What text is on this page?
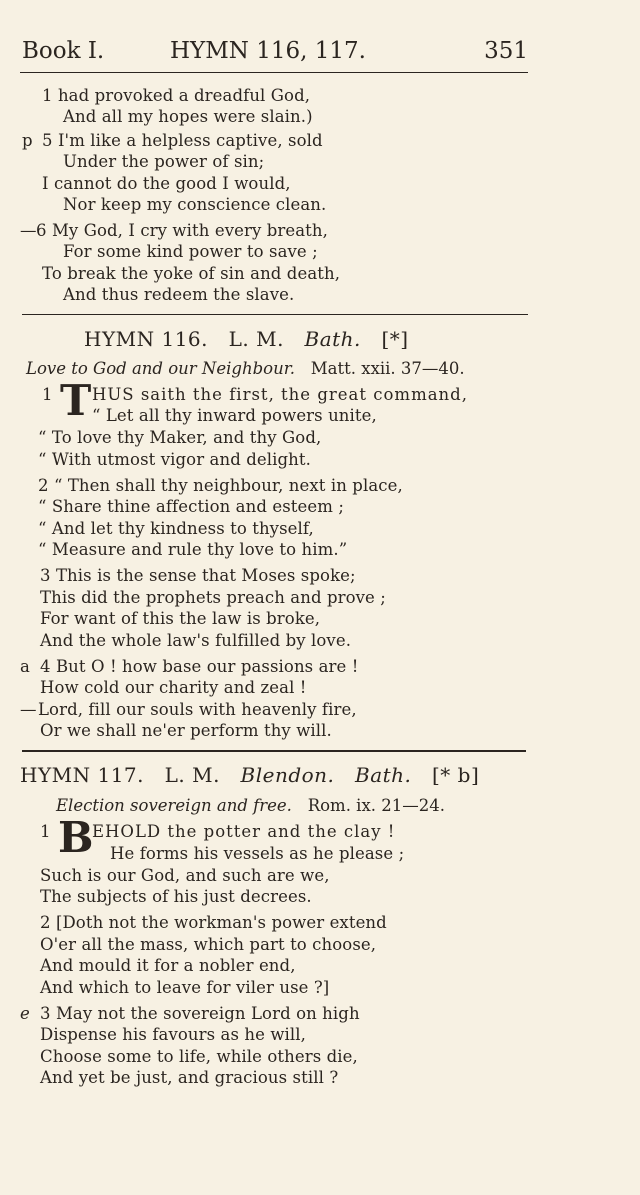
Book I.	HYMN 116, 117.	351
1 had provoked a dreadful God,
And all my hopes were slain.)
p 5 I'm like a helpless captive, sold
Under the power of sin;
I cannot do the good I would,
Nor keep my conscience clean.
— 6 My God, I cry with every breath,
For some kind power to save ;
To break the yoke of sin and death,
And thus redeem the slave.
HYMN 116. L. M. Bath. [*]
Love to God and our Neighbour. Matt. xxii. 37—40.
1 T HUS saith the first, the great command,
“ Let all thy inward powers unite,
“ To love thy Maker, and thy God,
“ With utmost vigor and delight.
2 “ Then shall thy neighbour, next in place,
“ Share thine affection and esteem ;
“ And let thy kindness to thyself,
“ Measure and rule thy love to him.”
3 This is the sense that Moses spoke;
This did the prophets preach and prove ;
For want of this the law is broke,
And the whole law's fulfilled by love.
a 4 But O ! how base our passions are !
How cold our charity and zeal !
— Lord, fill our souls with heavenly fire,
Or we shall ne'er perform thy will.
HYMN 117. L. M. Blendon. Bath. [* b]
Election sovereign and free. Rom. ix. 21—24.
1 B
EHOLD the potter and the clay !
He forms his vessels as he please ;
Such is our God, and such are we,
The subjects of his just decrees.
2 [Doth not the workman's power extend
O'er all the mass, which part to choose,
And mould it for a nobler end,
And which to leave for viler use ?]
e 3 May not the sovereign Lord on high
Dispense his favours as he will,
Choose some to life, while others die,
And yet be just, and gracious still ?
